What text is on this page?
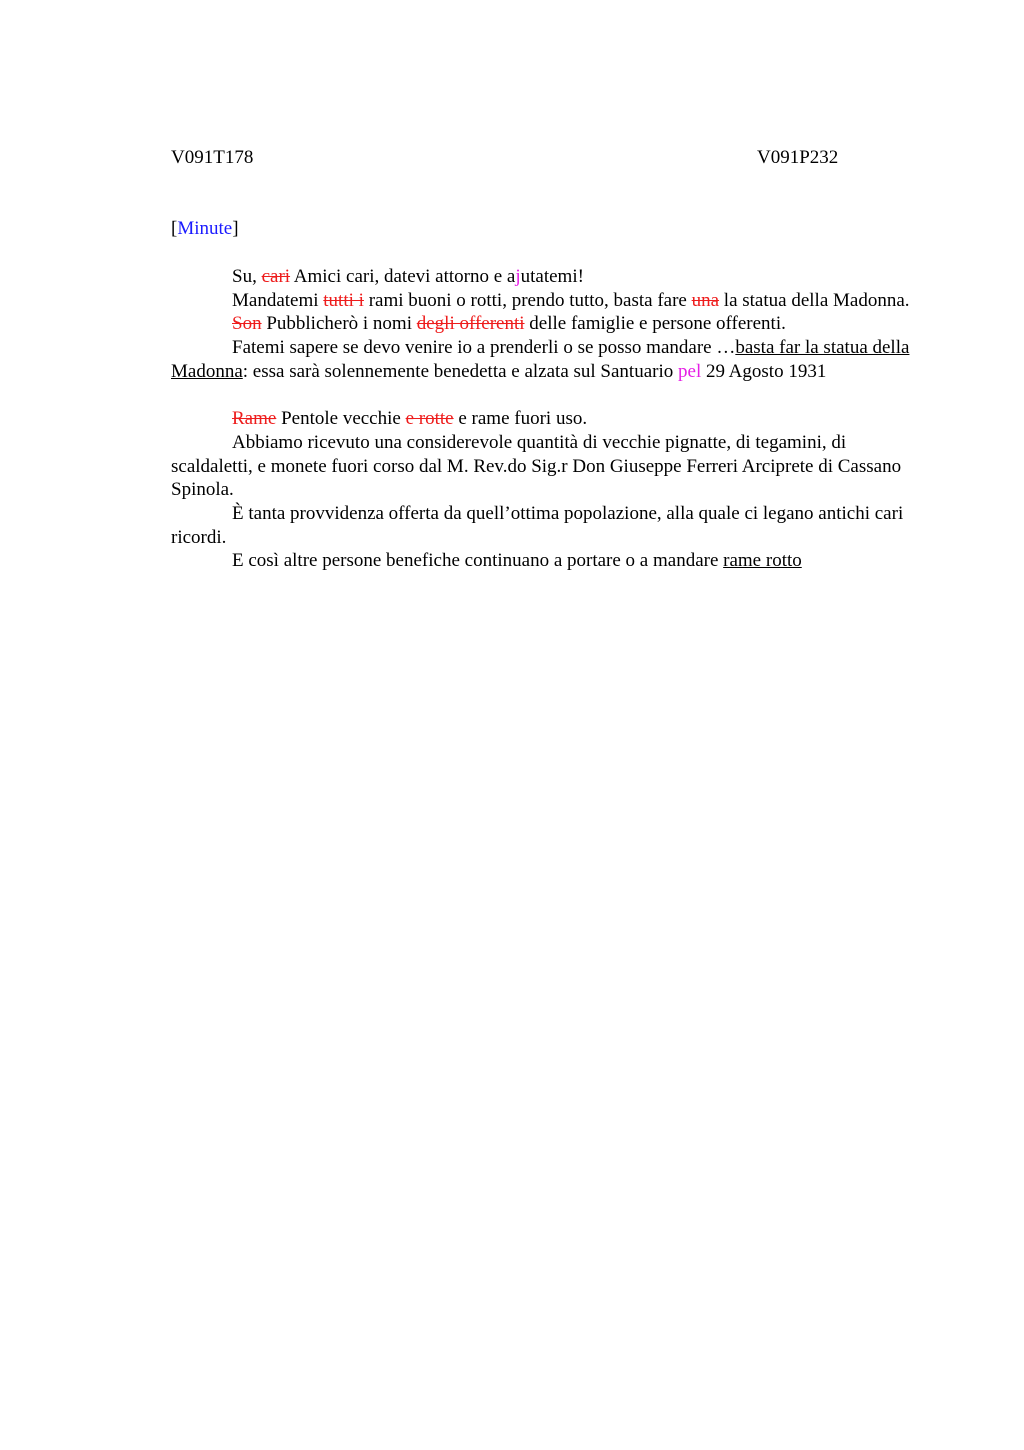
V091T178	V091P232
[Minute]

Su, cari Amici cari, datevi attorno e ajutatemi!

Mandatemi tutti i rami buoni o rotti, prendo tutto, basta fare una la statua della Madonna.

Son Pubblicherò i nomi degli offerenti delle famiglie e persone offerenti.

Fatemi sapere se devo venire io a prenderli o se posso mandare …basta far la statua della Madonna: essa sarà solennemente benedetta e alzata sul Santuario pel 29 Agosto 1931

Rame Pentole vecchie e rotte e rame fuori uso.

Abbiamo ricevuto una considerevole quantità di vecchie pignatte, di tegamini, di scaldaletti, e monete fuori corso dal M. Rev.do Sig.r Don Giuseppe Ferreri Arciprete di Cassano Spinola.

È tanta provvidenza offerta da quell’ottima popolazione, alla quale ci legano antichi cari ricordi.

E così altre persone benefiche continuano a portare o a mandare rame rotto
